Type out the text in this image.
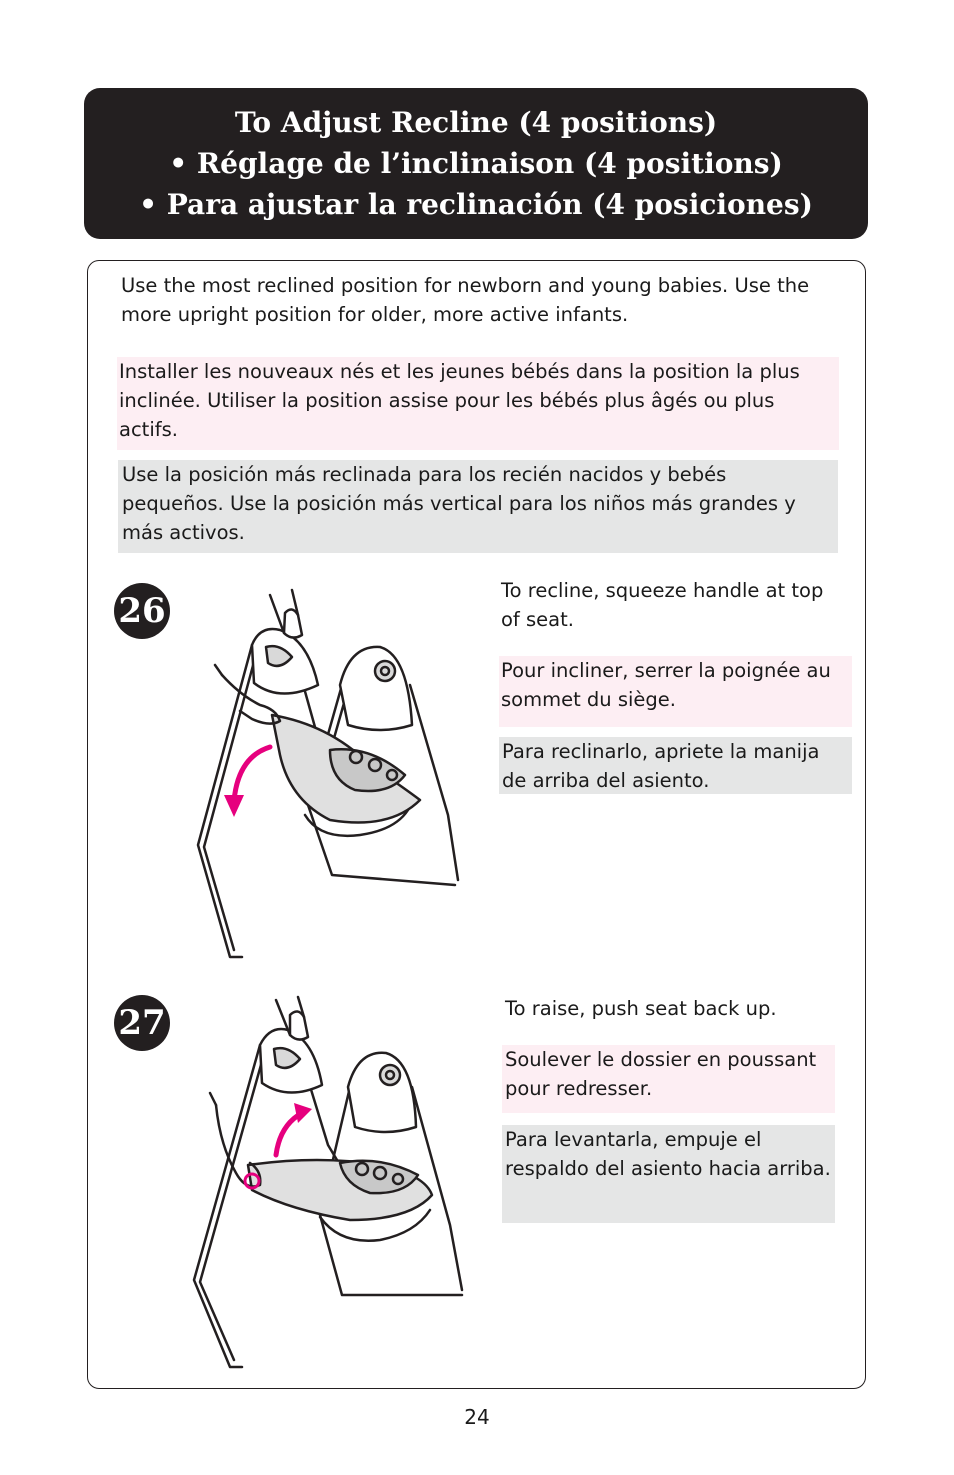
To Adjust Recline (4 positions)
• Réglage de l’inclinaison (4 positions)
• Para ajustar la reclinación (4 posiciones)
Use the most reclined position for newborn and young babies. Use the more upright position for older, more active infants.
Installer les nouveaux nés et les jeunes bébés dans la position la plus inclinée. Utiliser la position assise pour les bébés plus âgés ou plus actifs.
Use la posición más reclinada para los recién nacidos y bebés pequeños. Use la posición más vertical para los niños más grandes y más activos.
26
To recline, squeeze handle at top of seat.
Pour incliner, serrer la poignée au sommet du siège.
Para reclinarlo, apriete la manija de arriba del asiento.
27	To raise, push seat back up.
Soulever le dossier en poussant pour redresser.
Para levantarla, empuje el respaldo del asiento hacia arriba.
24
